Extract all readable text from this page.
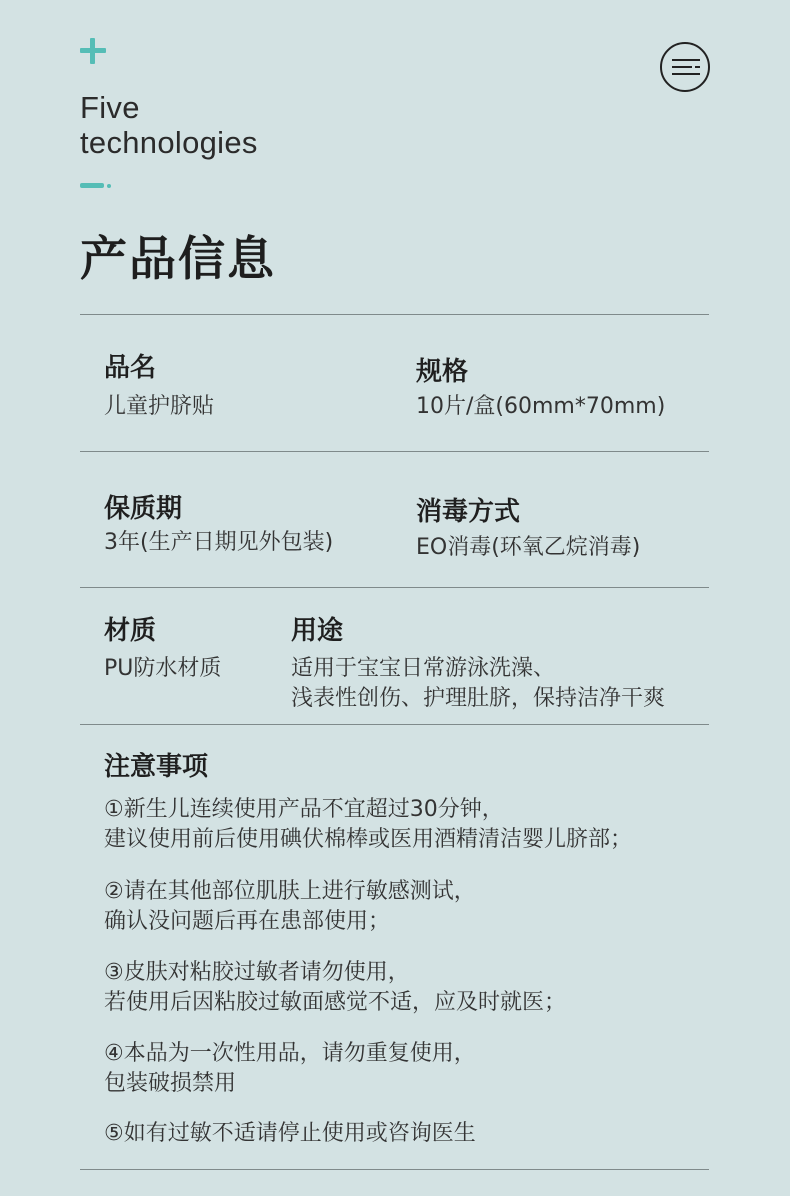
Five
technologies
产品信息
品名
儿童护脐贴
规格
10片/盒(60mm*70mm)
保质期
3年(生产日期见外包装)
消毒方式
EO消毒(环氧乙烷消毒)
材质
PU防水材质
用途
适用于宝宝日常游泳洗澡、
浅表性创伤、护理肚脐，保持洁净干爽
注意事项
①新生儿连续使用产品不宜超过30分钟，
建议使用前后使用碘伏棉棒或医用酒精清洁婴儿脐部；
②请在其他部位肌肤上进行敏感测试，
确认没问题后再在患部使用；
③皮肤对粘胶过敏者请勿使用，
若使用后因粘胶过敏面感觉不适，应及时就医；
④本品为一次性用品，请勿重复使用，
包装破损禁用
⑤如有过敏不适请停止使用或咨询医生
